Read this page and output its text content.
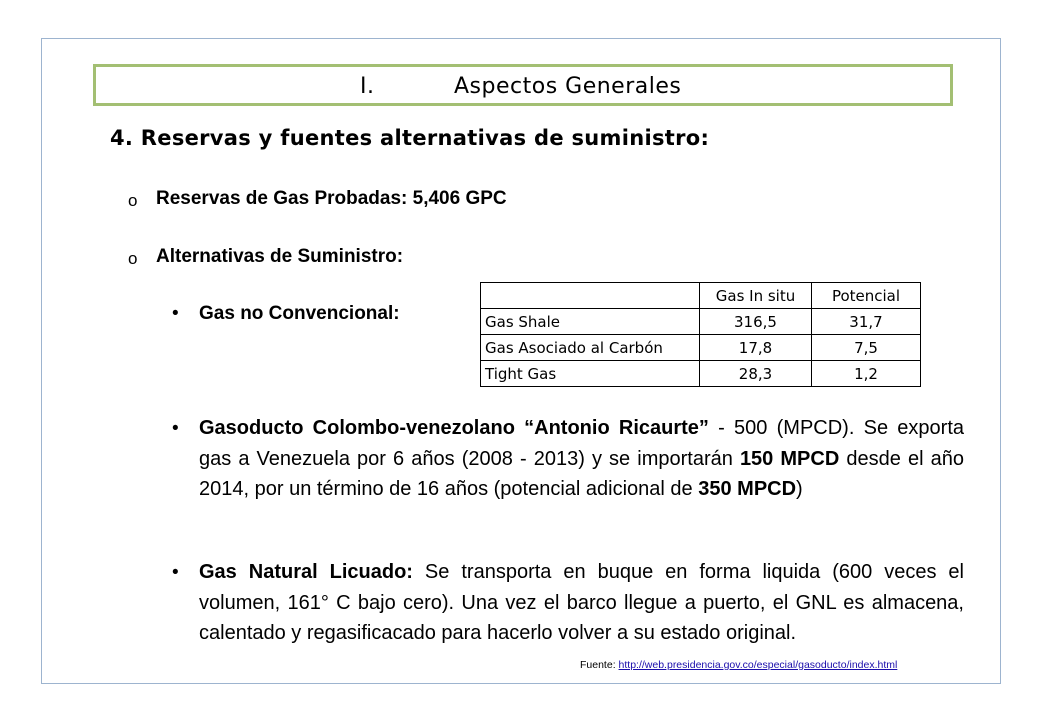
I.	Aspectos Generales
4. Reservas y fuentes alternativas de suministro:
o Reservas de Gas Probadas: 5,406 GPC
o Alternativas de Suministro:
• Gas no Convencional:
	Gas In situ	Potencial
Gas Shale	316,5	31,7
Gas Asociado al Carbón	17,8	7,5
Tight Gas	28,3	1,2
• Gasoducto Colombo-venezolano “Antonio Ricaurte” - 500 (MPCD). Se exporta gas a Venezuela por 6 años (2008 - 2013) y se importarán 150 MPCD desde el año 2014, por un término de 16 años (potencial adicional de 350 MPCD)
• Gas Natural Licuado: Se transporta en buque en forma liquida (600 veces el volumen, 161° C bajo cero). Una vez el barco llegue a puerto, el GNL es almacena, calentado y regasificacado para hacerlo volver a su estado original.
Fuente: http://web.presidencia.gov.co/especial/gasoducto/index.html
